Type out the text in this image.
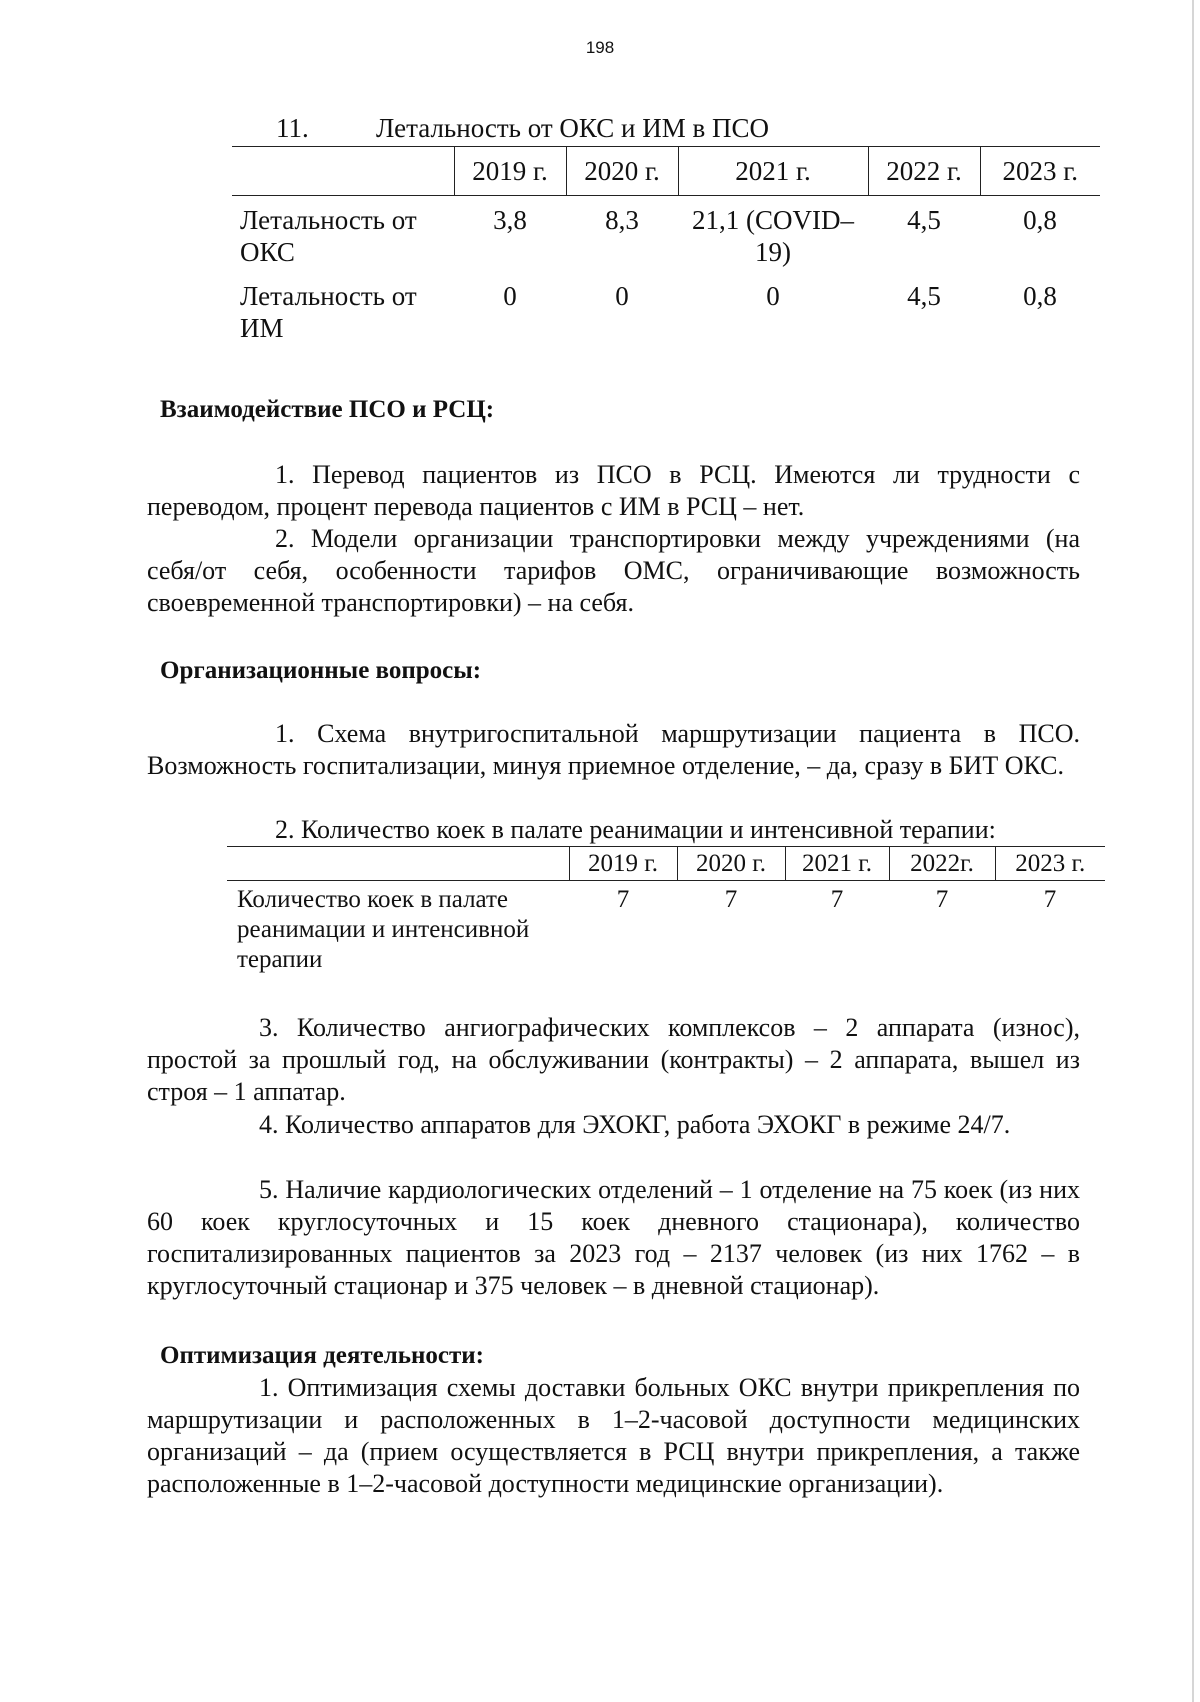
198
11. Летальность от ОКС и ИМ в ПСО
	2019 г.	2020 г.	2021 г.	2022 г.	2023 г.
Летальность от ОКС	3,8	8,3	21,1 (COVID–19)	4,5	0,8
Летальность от ИМ	0	0	0	4,5	0,8
Взаимодействие ПСО и РСЦ:
1. Перевод пациентов из ПСО в РСЦ. Имеются ли трудности с переводом, процент перевода пациентов с ИМ в РСЦ – нет.
2. Модели организации транспортировки между учреждениями (на себя/от себя, особенности тарифов ОМС, ограничивающие возможность своевременной транспортировки) – на себя.
Организационные вопросы:
1. Схема внутригоспитальной маршрутизации пациента в ПСО. Возможность госпитализации, минуя приемное отделение, – да, сразу в БИТ ОКС.
2. Количество коек в палате реанимации и интенсивной терапии:
	2019 г.	2020 г.	2021 г.	2022г.	2023 г.
Количество коек в палате реанимации и интенсивной терапии	7	7	7	7	7
3. Количество ангиографических комплексов – 2 аппарата (износ), простой за прошлый год, на обслуживании (контракты) – 2 аппарата, вышел из строя – 1 аппатар.
4. Количество аппаратов для ЭХОКГ, работа ЭХОКГ в режиме 24/7.
5. Наличие кардиологических отделений – 1 отделение на 75 коек (из них 60 коек круглосуточных и 15 коек дневного стационара), количество госпитализированных пациентов за 2023 год – 2137 человек (из них 1762 – в круглосуточный стационар и 375 человек – в дневной стационар).
Оптимизация деятельности:
1. Оптимизация схемы доставки больных ОКС внутри прикрепления по маршрутизации и расположенных в 1–2-часовой доступности медицинских организаций – да (прием осуществляется в РСЦ внутри прикрепления, а также расположенные в 1–2-часовой доступности медицинские организации).
